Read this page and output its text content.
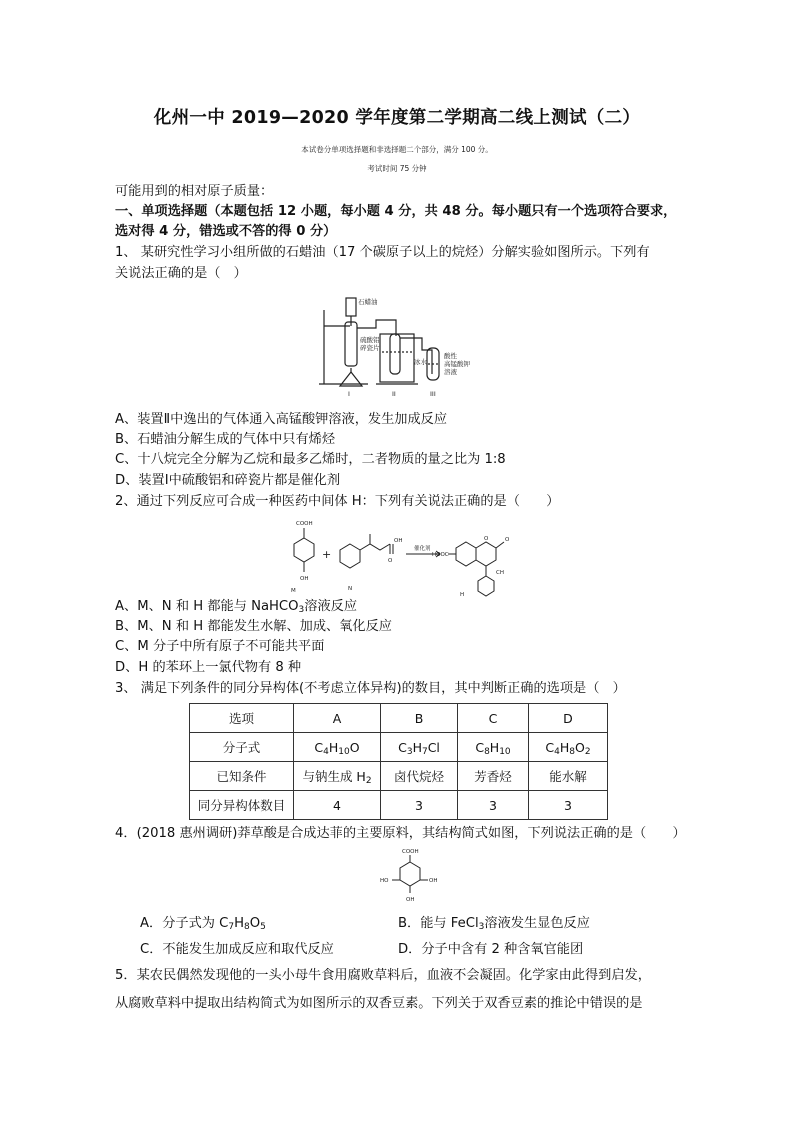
化州一中 2019—2020 学年度第二学期高二线上测试（二）
本试卷分单项选择题和非选择题二个部分，满分 100 分。
考试时间 75 分钟
可能用到的相对原子质量：
一、单项选择题（本题包括 12 小题，每小题 4 分，共 48 分。每小题只有一个选项符合要求，
选对得 4 分，错选或不答的得 0 分）
1、 某研究性学习小组所做的石蜡油（17 个碳原子以上的烷烃）分解实验如图所示。下列有
关说法正确的是（　）
石蜡油
硫酸铝
碎瓷片
冰水
酸性
高锰酸钾
溶液
I	II	III
A、装置Ⅱ中逸出的气体通入高锰酸钾溶液，发生加成反应
B、石蜡油分解生成的气体中只有烯烃
C、十八烷完全分解为乙烷和最多乙烯时，二者物质的量之比为 1:8
D、装置Ⅰ中硫酸铝和碎瓷片都是催化剂
2、通过下列反应可合成一种医药中间体 H：下列有关说法正确的是（　　）
COOH
OH
M
+
N
OH
O
催化剂
HOOC
O	O
CH
H
A、M、N 和 H 都能与 NaHCO$_3$溶液反应
B、M、N 和 H 都能发生水解、加成、氧化反应
C、M 分子中所有原子不可能共平面
D、H 的苯环上一氯代物有 8 种
3、 满足下列条件的同分异构体(不考虑立体异构)的数目，其中判断正确的选项是（　）
选项	A	B	C	D
分子式	$C_4H_{10}O$	$C_3H_7Cl$	$C_8H_{10}$	$C_4H_8O_2$
已知条件	与钠生成 $H_2$	卤代烷烃	芳香烃	能水解
同分异构体数目	4	3	3	3
4．(2018 惠州调研)莽草酸是合成达菲的主要原料，其结构简式如图，下列说法正确的是（　　）
COOH
HO	OH
OH
A．分子式为 $C_7H_8O_5$	B．能与 FeCl$_3$溶液发生显色反应
C．不能发生加成反应和取代反应	D．分子中含有 2 种含氧官能团
5．某农民偶然发现他的一头小母牛食用腐败草料后，血液不会凝固。化学家由此得到启发，
从腐败草料中提取出结构简式为如图所示的双香豆素。下列关于双香豆素的推论中错误的是
